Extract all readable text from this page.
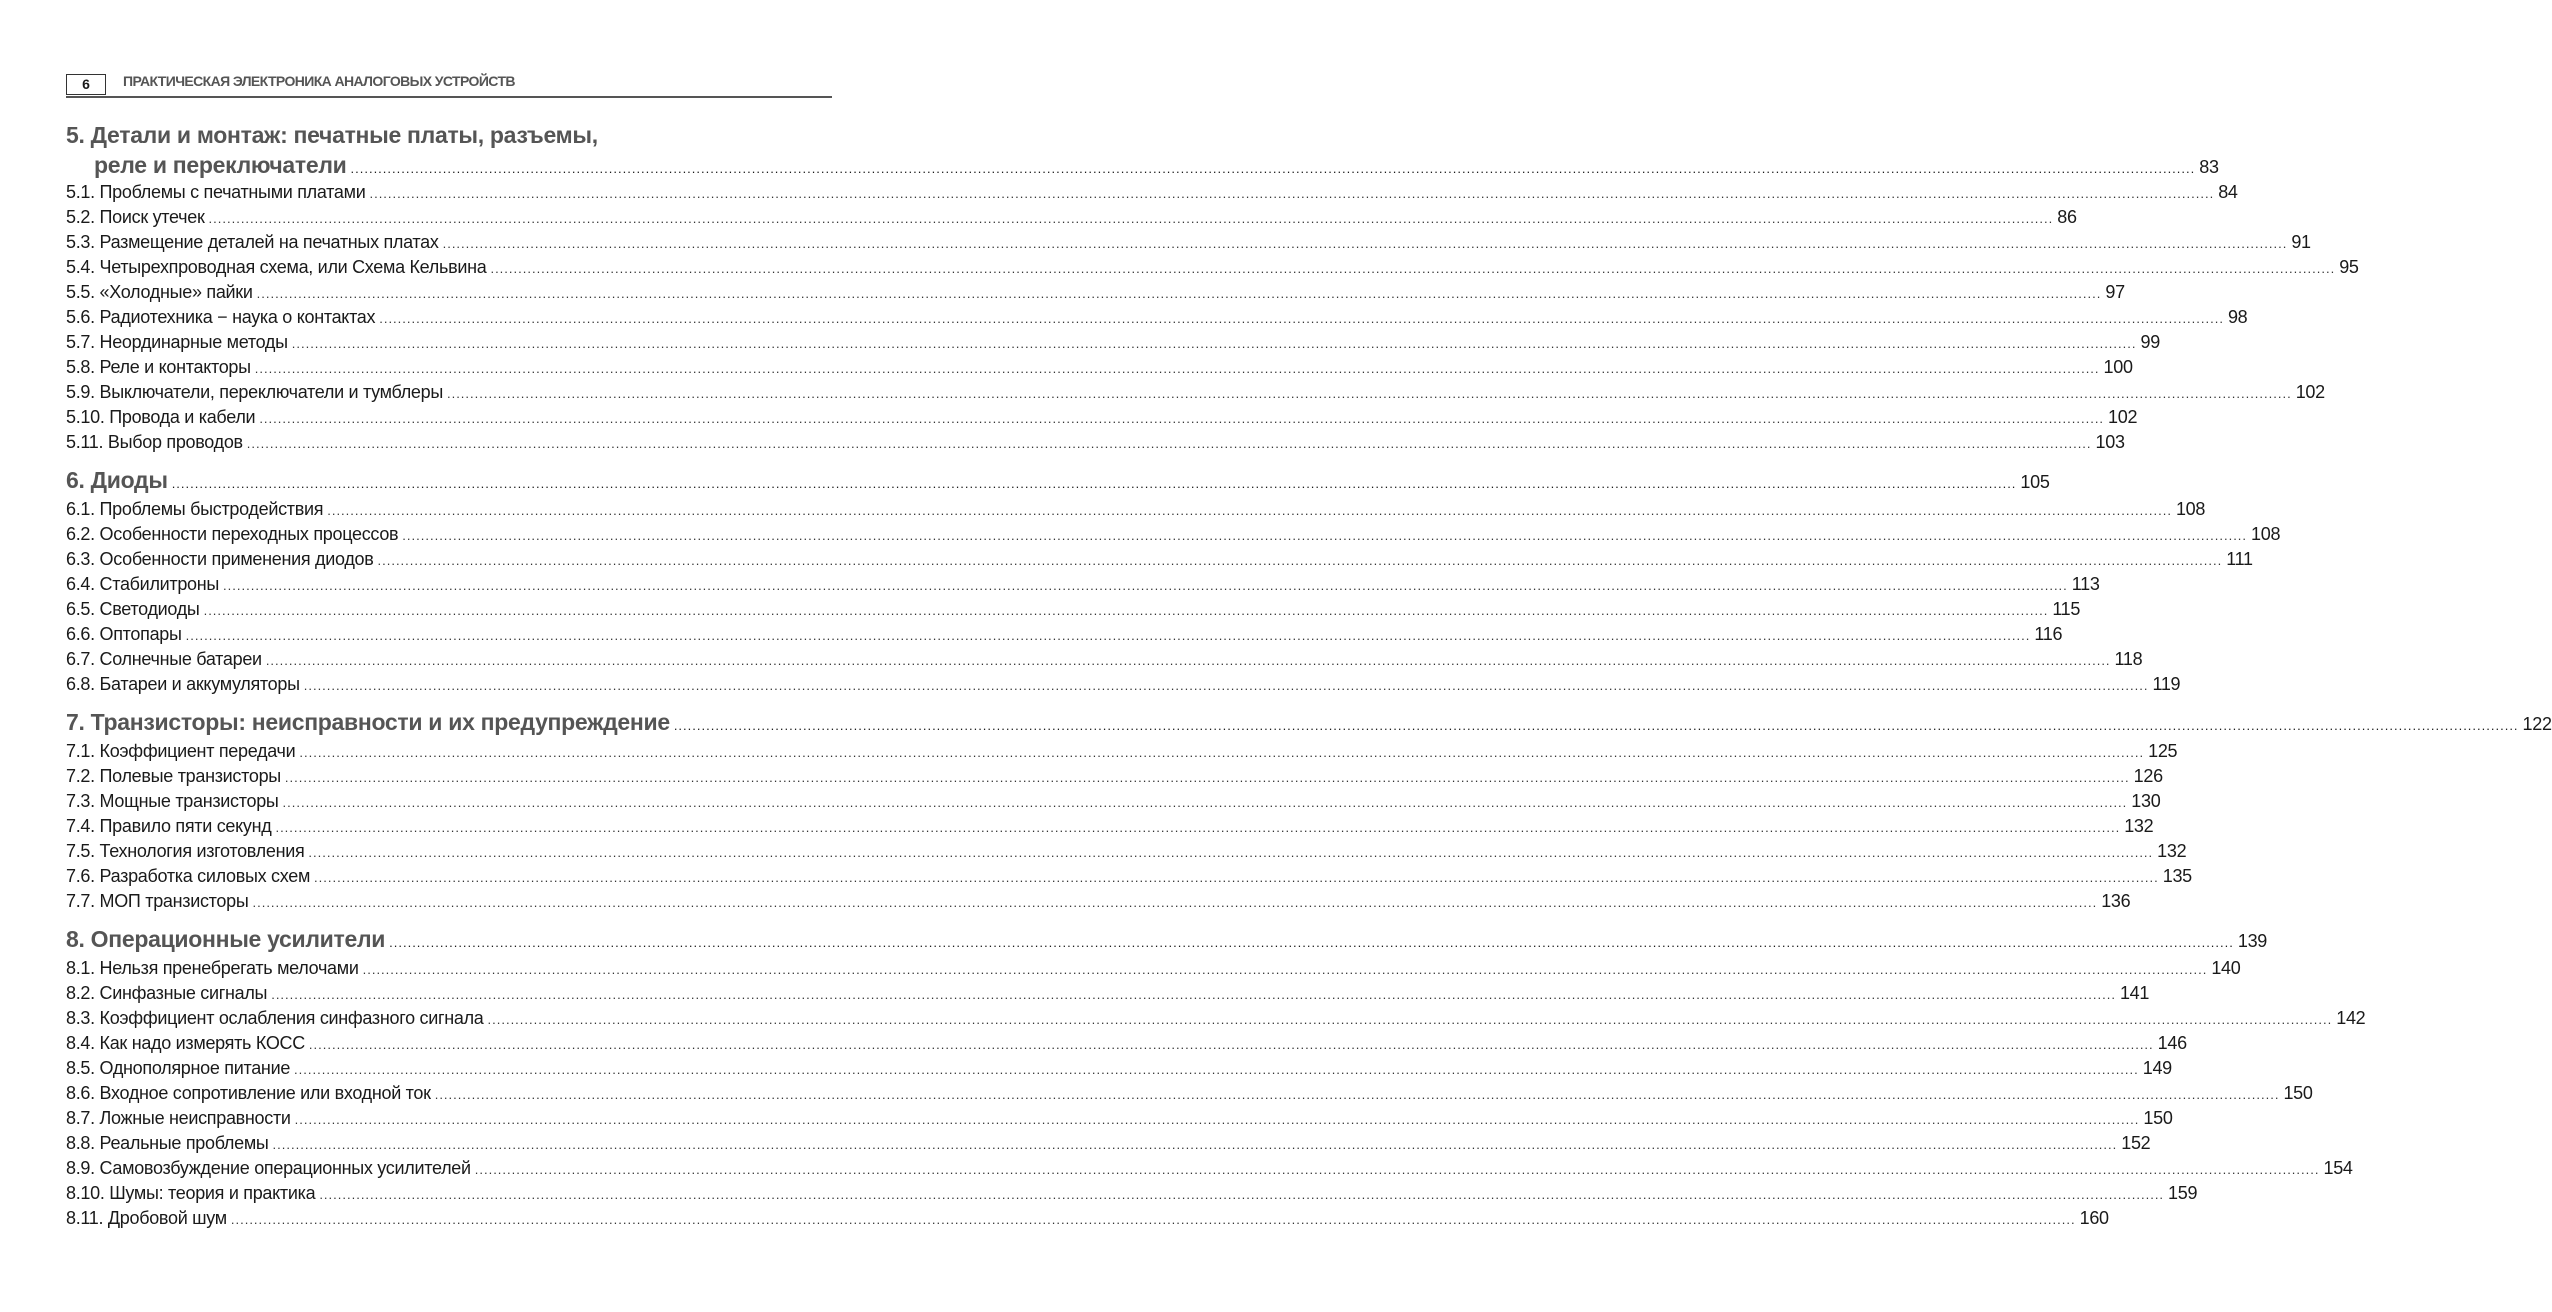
6	ПРАКТИЧЕСКАЯ ЭЛЕКТРОНИКА АНАЛОГОВЫХ УСТРОЙСТВ
5. Детали и монтаж: печатные платы, разъемы,
реле и переключатели ................................................................................................................................................................................................................................................................................................................................................................................................................ 83
5.1. Проблемы с печатными платами ................................................................................................................................................................................................................................................................................................................................................................................................................ 84
5.2. Поиск утечек ................................................................................................................................................................................................................................................................................................................................................................................................................ 86
5.3. Размещение деталей на печатных платах ................................................................................................................................................................................................................................................................................................................................................................................................................ 91
5.4. Четырехпроводная схема, или Схема Кельвина ................................................................................................................................................................................................................................................................................................................................................................................................................ 95
5.5. «Холодные» пайки ................................................................................................................................................................................................................................................................................................................................................................................................................ 97
5.6. Радиотехника − наука о контактах ................................................................................................................................................................................................................................................................................................................................................................................................................ 98
5.7. Неординарные методы ................................................................................................................................................................................................................................................................................................................................................................................................................ 99
5.8. Реле и контакторы ................................................................................................................................................................................................................................................................................................................................................................................................................ 100
5.9. Выключатели, переключатели и тумблеры ................................................................................................................................................................................................................................................................................................................................................................................................................ 102
5.10. Провода и кабели ................................................................................................................................................................................................................................................................................................................................................................................................................ 102
5.11. Выбор проводов ................................................................................................................................................................................................................................................................................................................................................................................................................ 103
6. Диоды ................................................................................................................................................................................................................................................................................................................................................................................................................ 105
6.1. Проблемы быстродействия ................................................................................................................................................................................................................................................................................................................................................................................................................ 108
6.2. Особенности переходных процессов ................................................................................................................................................................................................................................................................................................................................................................................................................ 108
6.3. Особенности применения диодов ................................................................................................................................................................................................................................................................................................................................................................................................................ 111
6.4. Стабилитроны ................................................................................................................................................................................................................................................................................................................................................................................................................ 113
6.5. Светодиоды ................................................................................................................................................................................................................................................................................................................................................................................................................ 115
6.6. Оптопары ................................................................................................................................................................................................................................................................................................................................................................................................................ 116
6.7. Солнечные батареи ................................................................................................................................................................................................................................................................................................................................................................................................................ 118
6.8. Батареи и аккумуляторы ................................................................................................................................................................................................................................................................................................................................................................................................................ 119
7. Транзисторы: неисправности и их предупреждение ................................................................................................................................................................................................................................................................................................................................................................................................................ 122
7.1. Коэффициент передачи ................................................................................................................................................................................................................................................................................................................................................................................................................ 125
7.2. Полевые транзисторы ................................................................................................................................................................................................................................................................................................................................................................................................................ 126
7.3. Мощные транзисторы ................................................................................................................................................................................................................................................................................................................................................................................................................ 130
7.4. Правило пяти секунд ................................................................................................................................................................................................................................................................................................................................................................................................................ 132
7.5. Технология изготовления ................................................................................................................................................................................................................................................................................................................................................................................................................ 132
7.6. Разработка силовых схем ................................................................................................................................................................................................................................................................................................................................................................................................................ 135
7.7. МОП транзисторы ................................................................................................................................................................................................................................................................................................................................................................................................................ 136
8. Операционные усилители ................................................................................................................................................................................................................................................................................................................................................................................................................ 139
8.1. Нельзя пренебрегать мелочами ................................................................................................................................................................................................................................................................................................................................................................................................................ 140
8.2. Синфазные сигналы ................................................................................................................................................................................................................................................................................................................................................................................................................ 141
8.3. Коэффициент ослабления синфазного сигнала ................................................................................................................................................................................................................................................................................................................................................................................................................ 142
8.4. Как надо измерять КОСС ................................................................................................................................................................................................................................................................................................................................................................................................................ 146
8.5. Однополярное питание ................................................................................................................................................................................................................................................................................................................................................................................................................ 149
8.6. Входное сопротивление или входной ток ................................................................................................................................................................................................................................................................................................................................................................................................................ 150
8.7. Ложные неисправности ................................................................................................................................................................................................................................................................................................................................................................................................................ 150
8.8. Реальные проблемы ................................................................................................................................................................................................................................................................................................................................................................................................................ 152
8.9. Самовозбуждение операционных усилителей ................................................................................................................................................................................................................................................................................................................................................................................................................ 154
8.10. Шумы: теория и практика ................................................................................................................................................................................................................................................................................................................................................................................................................ 159
8.11. Дробовой шум ................................................................................................................................................................................................................................................................................................................................................................................................................ 160
